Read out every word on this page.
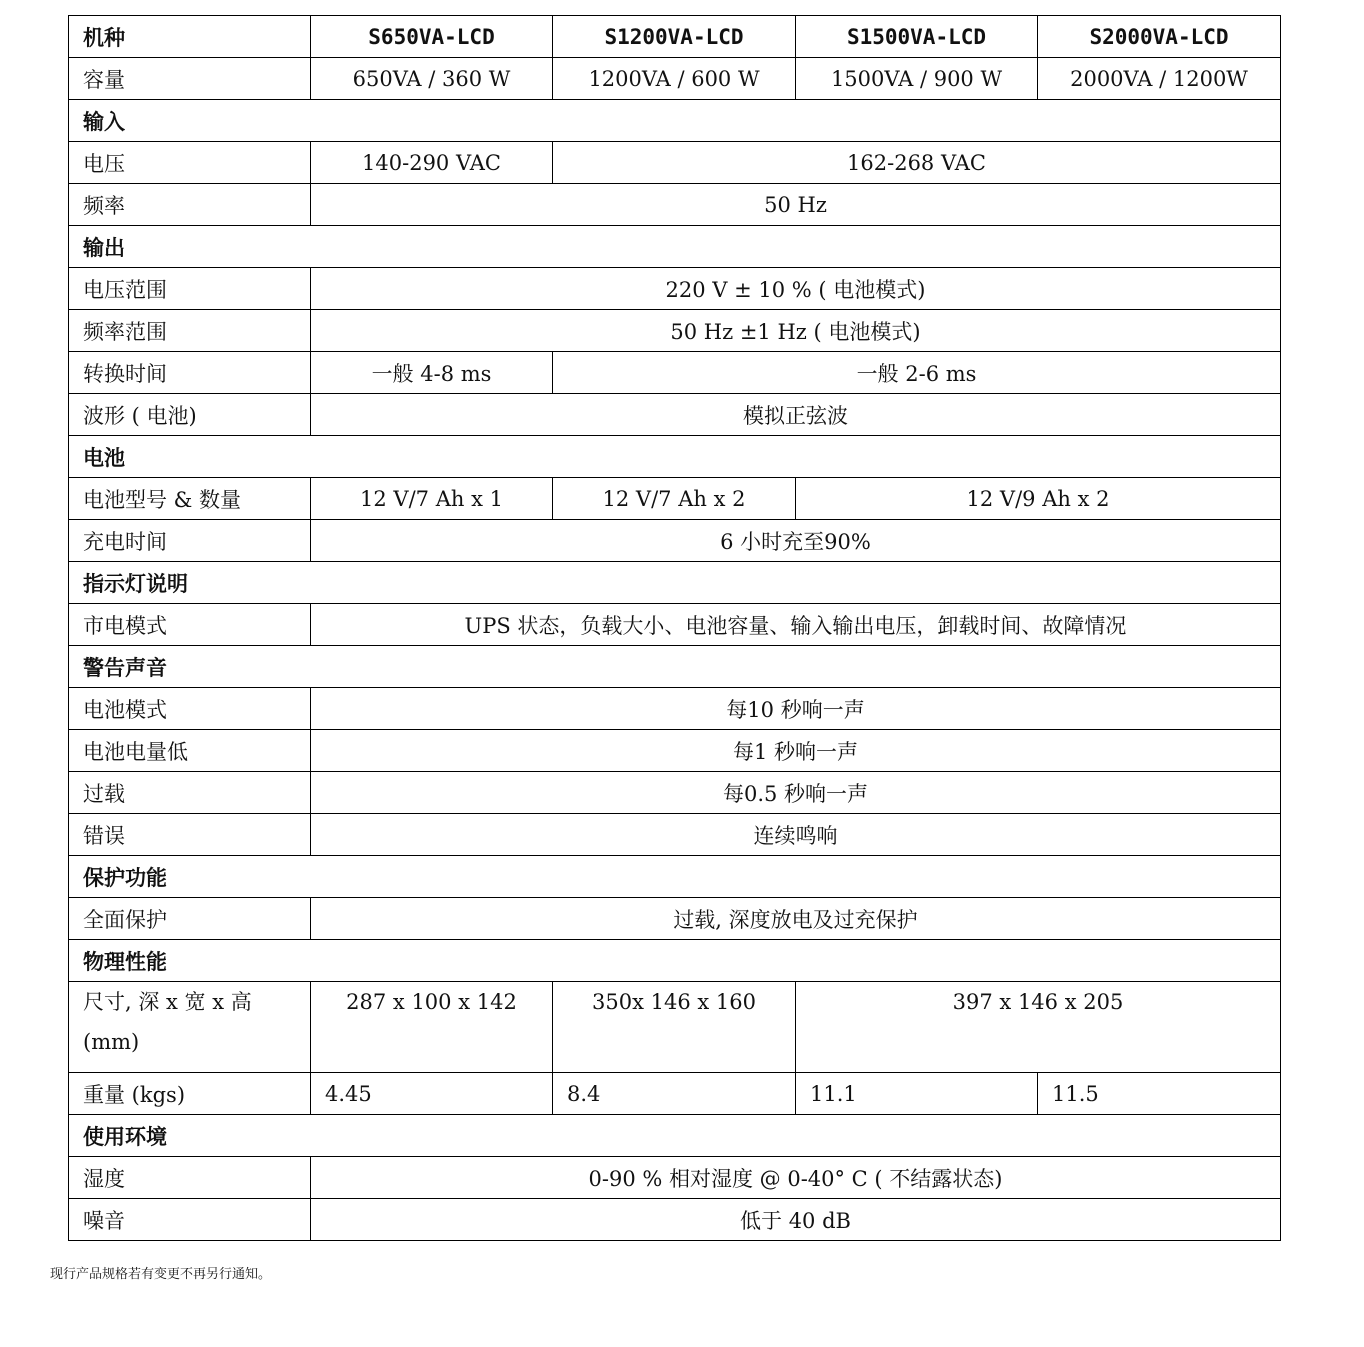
机种	S650VA-LCD	S1200VA-LCD	S1500VA-LCD	S2000VA-LCD
容量	650VA / 360 W	1200VA / 600 W	1500VA / 900 W	2000VA / 1200W
输入				
电压	140-290 VAC	162-268 VAC		
频率	50 Hz			
输出				
电压范围	220 V ± 10 % ( 电池模式)			
频率范围	50 Hz ±1 Hz ( 电池模式)			
转换时间	一般 4-8 ms	一般 2-6 ms		
波形 ( 电池)	模拟正弦波			
电池				
电池型号 & 数量	12 V/7 Ah x 1	12 V/7 Ah x 2	12 V/9 Ah x 2	
充电时间	6 小时充至90%			
指示灯说明				
市电模式	UPS 状态，负载大小、电池容量、输入输出电压，卸载时间、故障情况			
警告声音				
电池模式	每10 秒响一声			
电池电量低	每1 秒响一声			
过载	每0.5 秒响一声			
错误	连续鸣响			
保护功能				
全面保护	过载, 深度放电及过充保护			
物理性能				
尺寸, 深 x 宽 x 高 (mm)	287 x 100 x 142	350x 146 x 160	397 x 146 x 205	
重量 (kgs)	4.45	8.4	11.1	11.5
使用环境				
湿度	0-90 % 相对湿度 @ 0-40° C ( 不结露状态)			
噪音	低于 40 dB			
现行产品规格若有变更不再另行通知。
